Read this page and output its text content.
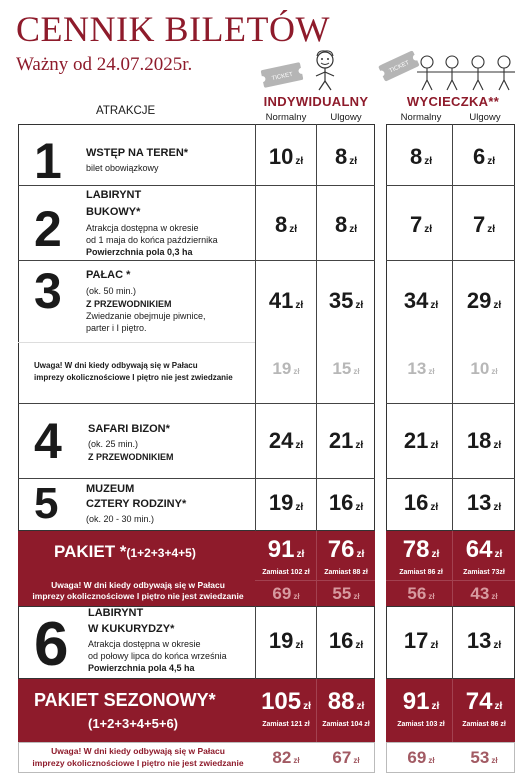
CENNIK BILETÓW
Ważny od 24.07.2025r.
TICKET
TICKET
ATRAKCJE
INDYWIDUALNY	WYCIECZKA**
Normalny	Ulgowy	Normalny	Ulgowy
1 WSTĘP NA TEREN*
bilet obowiązkowy	10 zł	8 zł	8 zł	6 zł
2
LABIRYNT
BUKOWY*
Atrakcja dostępna w okresie
od 1 maja do końca października
Powierzchnia pola 0,3 ha
8 zł	8 zł	7 zł	7 zł
3 PAŁAC *
(ok. 50 min.)
Z PRZEWODNIKIEM
Zwiedzanie obejmuje piwnice,
parter i I piętro.
41 zł	35 zł	34 zł	29 zł
Uwaga! W dni kiedy odbywają się w Pałacu
imprezy okolicznościowe I piętro nie jest zwiedzanie	19 zł	15 zł	13 zł	10 zł
4 SAFARI BIZON*
(ok. 25 min.)
Z PRZEWODNIKIEM
24 zł	21 zł	21 zł	18 zł
5	MUZEUM
CZTERY RODZINY*
(ok. 20 - 30 min.)
19 zł	16 zł	16 zł	13 zł
PAKIET *(1+2+3+4+5)
Uwaga! W dni kiedy odbywają się w Pałacu
imprezy okolicznościowe I piętro nie jest zwiedzanie
91 zł 76 zł	78 zł	64 zł
Zamiast 102 zł	Zamiast 88 zł	Zamiast 86 zł	Zamiast 73zł
69 zł	55 zł	56 zł	43 zł
6 LABIRYNT
W KUKURYDZY*
Atrakcja dostępna w okresie
od połowy lipca do końca września
Powierzchnia pola 4,5 ha
19 zł	16 zł	17 zł	13 zł
PAKIET SEZONOWY*
(1+2+3+4+5+6)
105 zł 88 zł	91 zł	74 zł
Zamiast 121 zł	Zamiast 104 zł	Zamiast 103 zł	Zamiast 86 zł
Uwaga! W dni kiedy odbywają się w Pałacu
imprezy okolicznościowe I piętro nie jest zwiedzanie	82 zł	67 zł	69 zł	53 zł
